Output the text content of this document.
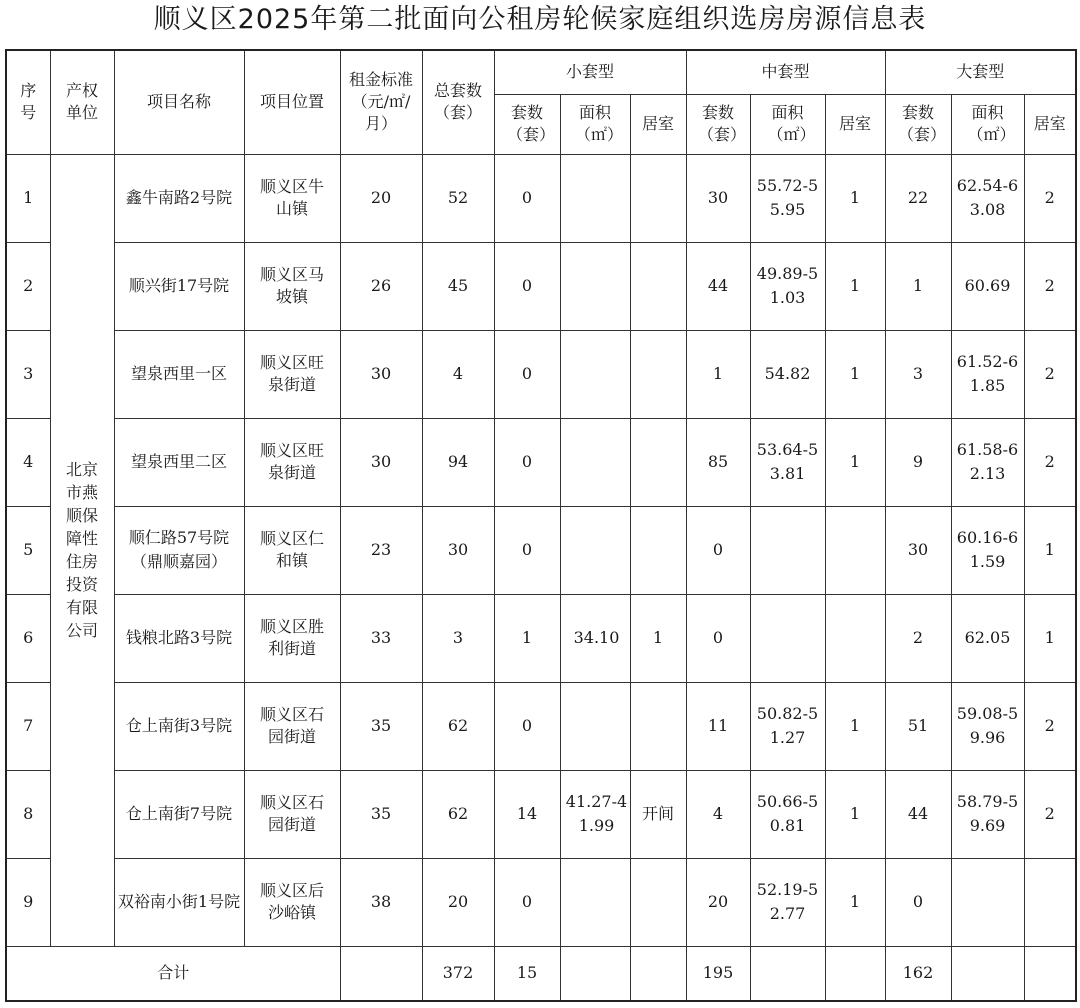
顺义区2025年第二批面向公租房轮候家庭组织选房房源信息表
序号	产权单位	项目名称	项目位置	租金标准（元/㎡/月）	总套数（套）	小套型			中套型			大套型		
						套数（套）	面积（㎡）	居室	套数（套）	面积（㎡）	居室	套数（套）	面积（㎡）	居室
1	北京市燕顺保障性住房投资有限公司	鑫牛南路2号院	顺义区牛山镇	20	52	0			30	55.72-55.95	1	22	62.54-63.08	2
2		顺兴街17号院	顺义区马坡镇	26	45	0			44	49.89-51.03	1	1	60.69	2
3		望泉西里一区	顺义区旺泉街道	30	4	0			1	54.82	1	3	61.52-61.85	2
4		望泉西里二区	顺义区旺泉街道	30	94	0			85	53.64-53.81	1	9	61.58-62.13	2
5		顺仁路57号院（鼎顺嘉园）	顺义区仁和镇	23	30	0			0			30	60.16-61.59	1
6		钱粮北路3号院	顺义区胜利街道	33	3	1	34.10	1	0			2	62.05	1
7		仓上南街3号院	顺义区石园街道	35	62	0			11	50.82-51.27	1	51	59.08-59.96	2
8		仓上南街7号院	顺义区石园街道	35	62	14	41.27-41.99	开间	4	50.66-50.81	1	44	58.79-59.69	2
9		双裕南小街1号院	顺义区后沙峪镇	38	20	0			20	52.19-52.77	1	0		
合计					372	15			195			162		
